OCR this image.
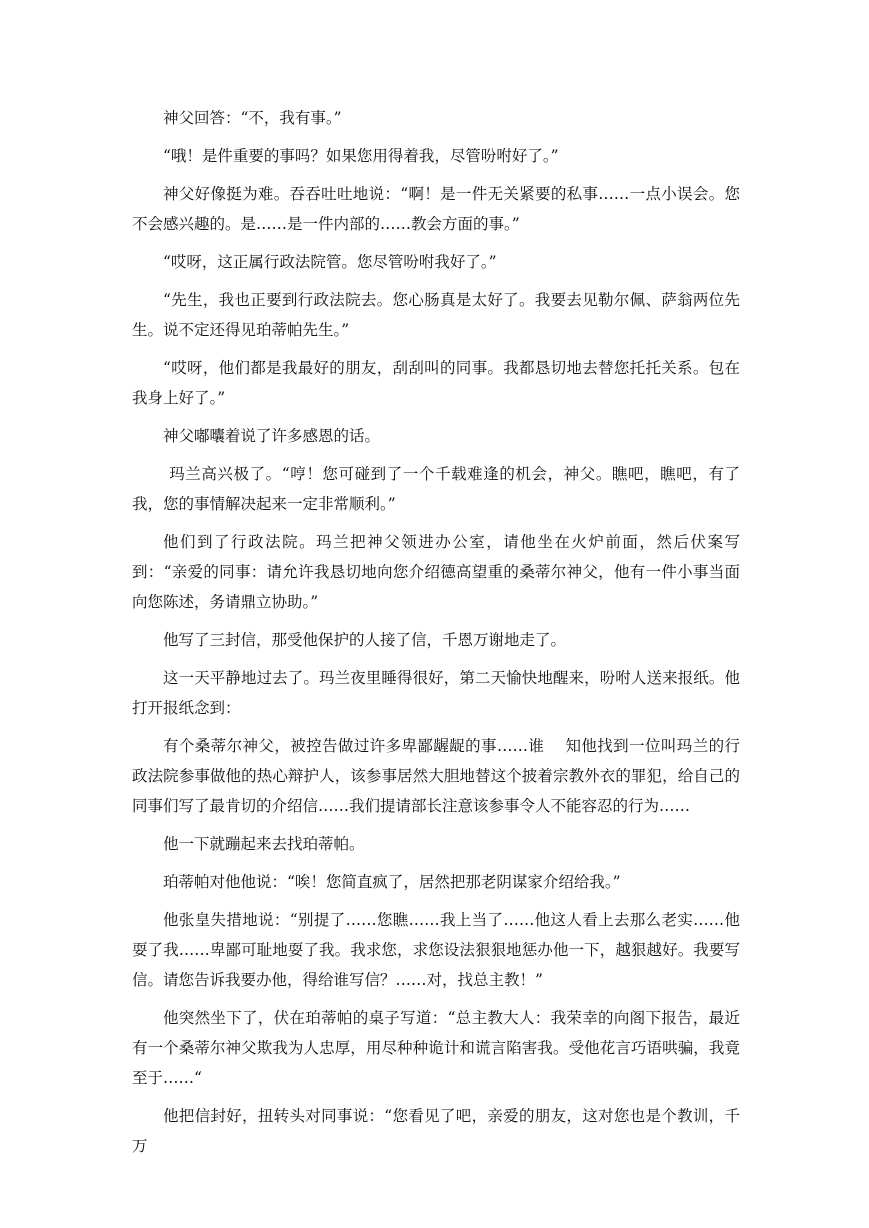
神父回答：“不，我有事。”

“哦！是件重要的事吗？如果您用得着我，尽管吩咐好了。”

神父好像挺为难。吞吞吐吐地说：“啊！是一件无关紧要的私事……一点小误会。您不会感兴趣的。是……是一件内部的……教会方面的事。”

“哎呀，这正属行政法院管。您尽管吩咐我好了。”

“先生，我也正要到行政法院去。您心肠真是太好了。我要去见勒尔佩、萨翁两位先生。说不定还得见珀蒂帕先生。”

“哎呀，他们都是我最好的朋友，刮刮叫的同事。我都恳切地去替您托托关系。包在我身上好了。”

神父嘟囔着说了许多感恩的话。

玛兰高兴极了。“哼！您可碰到了一个千载难逢的机会，神父。瞧吧，瞧吧，有了我，您的事情解决起来一定非常顺利。”

他们到了行政法院。玛兰把神父领进办公室，请他坐在火炉前面，然后伏案写到：“亲爱的同事：请允许我恳切地向您介绍德高望重的桑蒂尔神父，他有一件小事当面向您陈述，务请鼎立协助。”

他写了三封信，那受他保护的人接了信，千恩万谢地走了。

这一天平静地过去了。玛兰夜里睡得很好，第二天愉快地醒来，吩咐人送来报纸。他打开报纸念到：

有个桑蒂尔神父，被控告做过许多卑鄙龌龊的事……谁　 知他找到一位叫玛兰的行政法院参事做他的热心辩护人，该参事居然大胆地替这个披着宗教外衣的罪犯，给自己的同事们写了最肯切的介绍信……我们提请部长注意该参事令人不能容忍的行为……

他一下就蹦起来去找珀蒂帕。

珀蒂帕对他他说：“唉！您简直疯了，居然把那老阴谋家介绍给我。”

他张皇失措地说：“别提了……您瞧……我上当了……他这人看上去那么老实……他耍了我……卑鄙可耻地耍了我。我求您，求您设法狠狠地惩办他一下，越狠越好。我要写信。请您告诉我要办他，得给谁写信？……对，找总主教！”

他突然坐下了，伏在珀蒂帕的桌子写道：“总主教大人：我荣幸的向阁下报告，最近有一个桑蒂尔神父欺我为人忠厚，用尽种种诡计和谎言陷害我。受他花言巧语哄骗，我竟至于……“

他把信封好，扭转头对同事说：“您看见了吧，亲爱的朋友，这对您也是个教训，千万
